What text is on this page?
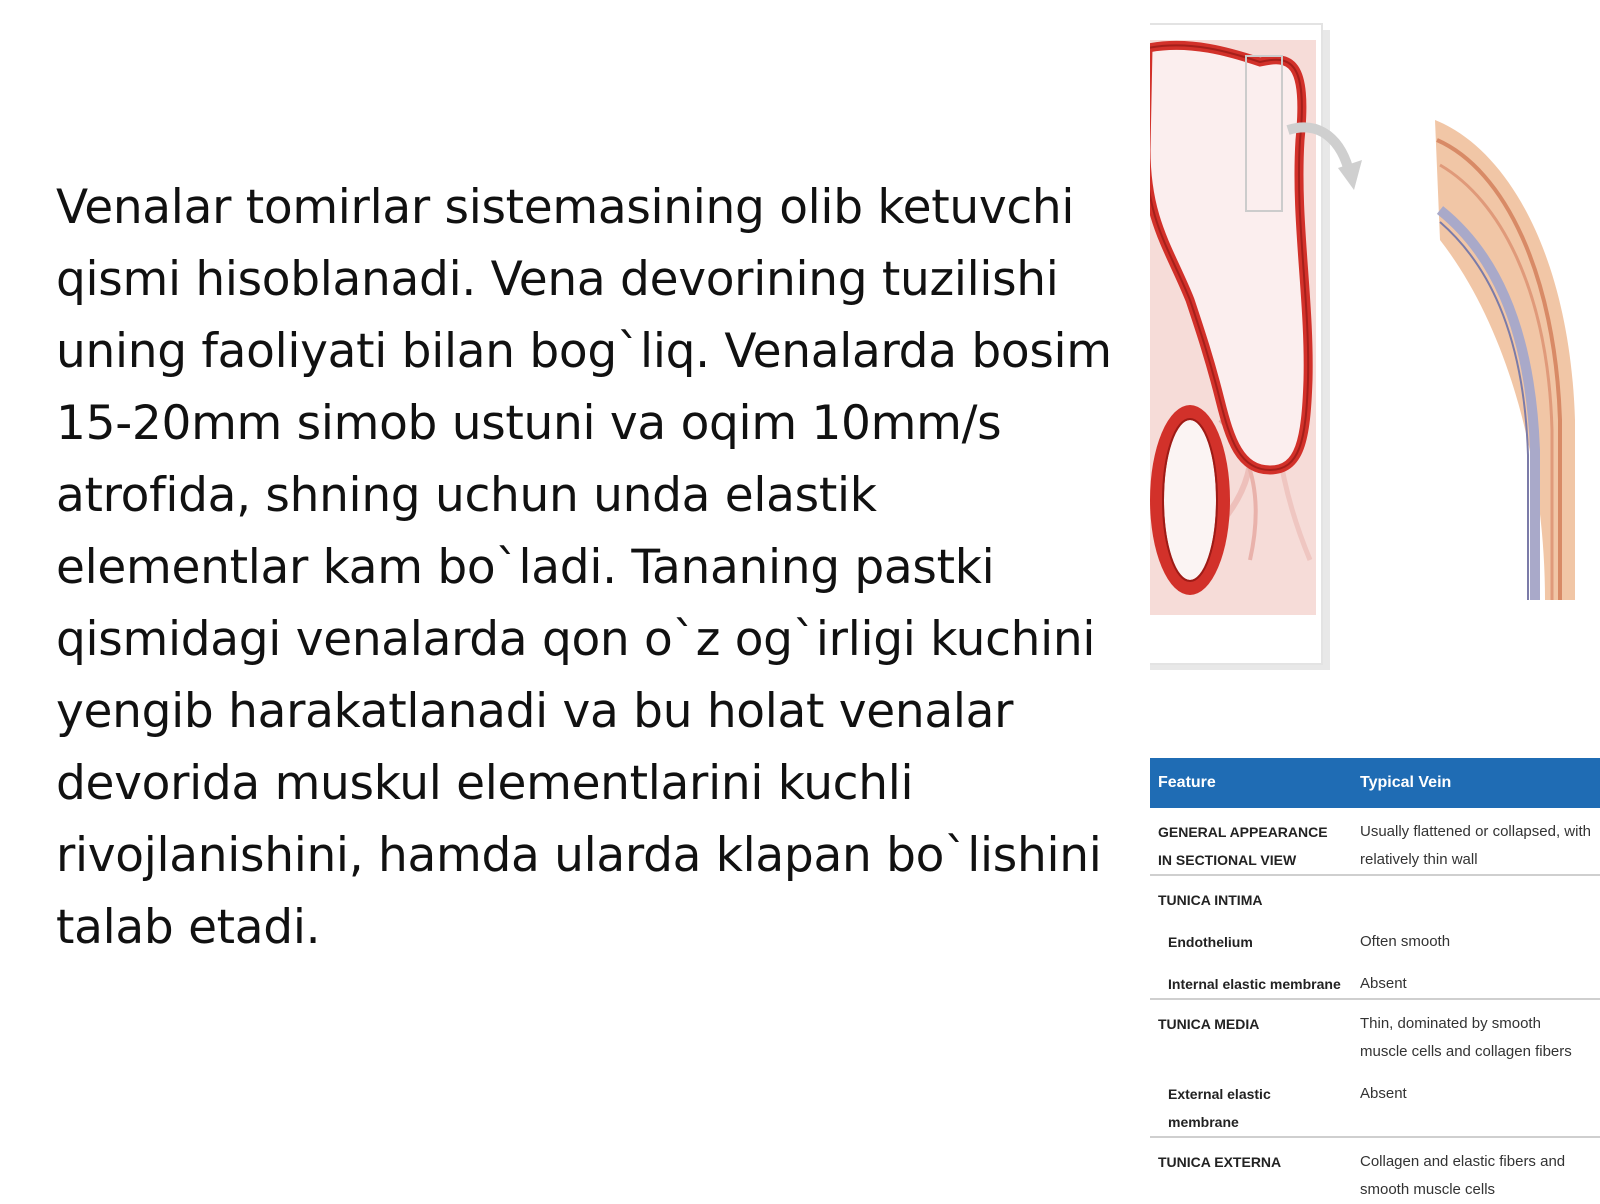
Venalar tomirlar sistemasining olib ketuvchi qismi hisoblanadi. Vena devorining tuzilishi uning faoliyati bilan bog`liq. Venalarda bosim 15-20mm simob ustuni va oqim 10mm/s atrofida, shning uchun unda elastik elementlar kam bo`ladi. Tananing pastki qismidagi venalarda qon o`z og`irligi kuchini yengib harakatlanadi va bu holat venalar devorida muskul elementlarini kuchli rivojlanishini, hamda ularda klapan bo`lishini talab etadi.

Feature	Typical Vein
GENERAL APPEARANCE IN SECTIONAL VIEW	Usually flattened or collapsed, with relatively thin wall
TUNICA INTIMA	
Endothelium	Often smooth
Internal elastic membrane	Absent
TUNICA MEDIA	Thin, dominated by smooth muscle cells and collagen fibers
External elastic membrane	Absent
TUNICA EXTERNA	Collagen and elastic fibers and smooth muscle cells
